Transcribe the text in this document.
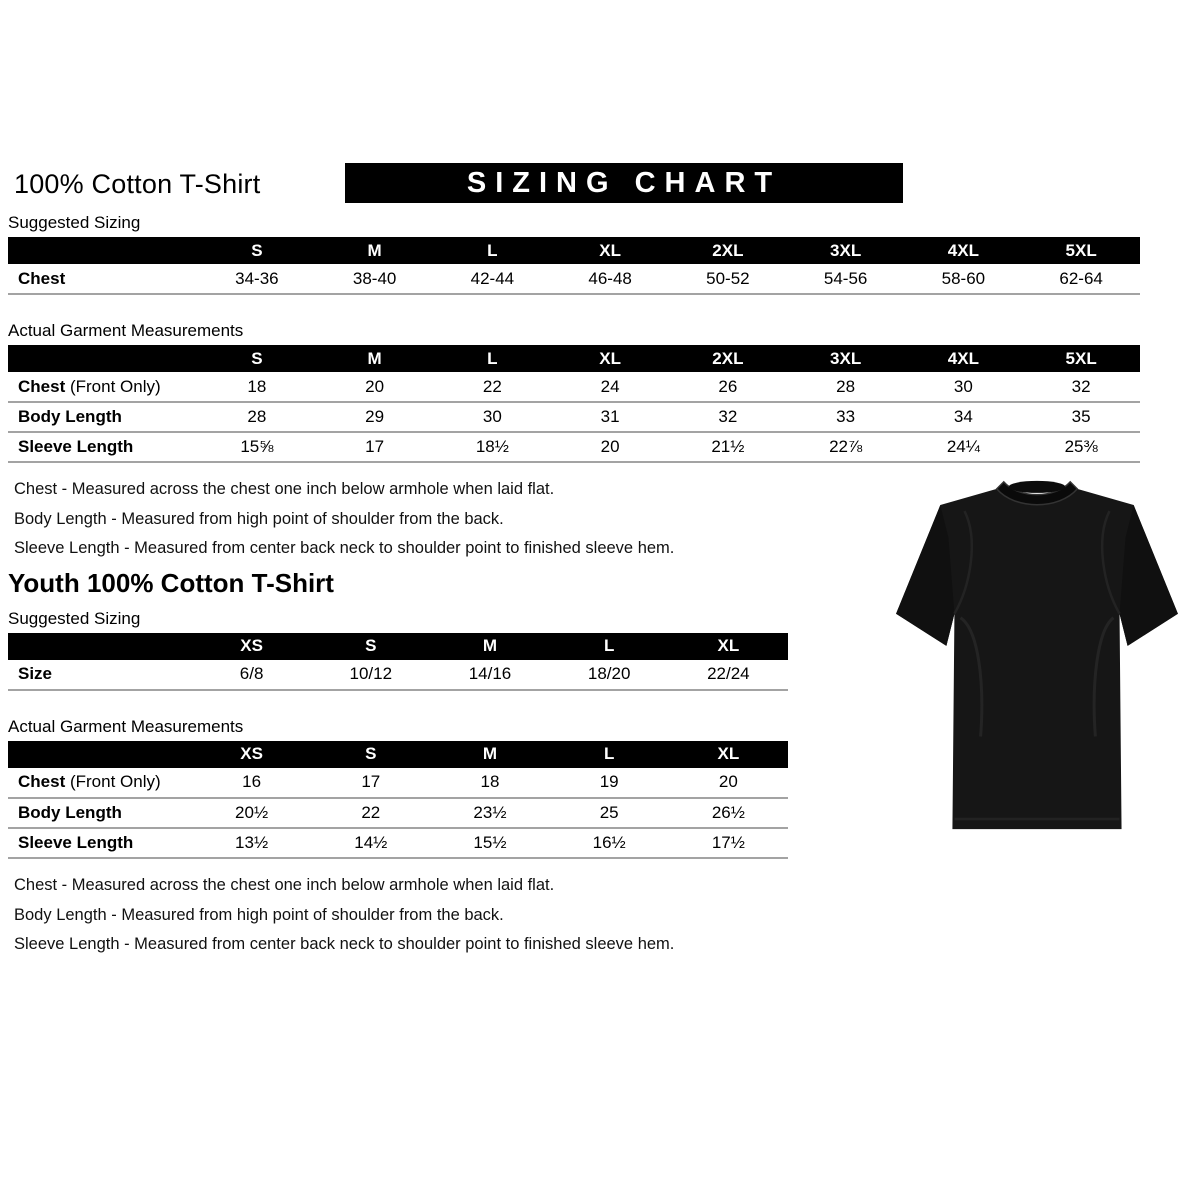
100% Cotton T-Shirt	SIZING CHART
Suggested Sizing
	S	M	L	XL	2XL	3XL	4XL	5XL
Chest	34-36	38-40	42-44	46-48	50-52	54-56	58-60	62-64
Actual Garment Measurements
	S	M	L	XL	2XL	3XL	4XL	5XL
Chest (Front Only)	18	20	22	24	26	28	30	32
Body Length	28	29	30	31	32	33	34	35
Sleeve Length	15⅝	17	18½	20	21½	22⅞	24¼	25⅜
Chest - Measured across the chest one inch below armhole when laid flat.
Body Length - Measured from high point of shoulder from the back.
Sleeve Length - Measured from center back neck to shoulder point to finished sleeve hem.
Youth 100% Cotton T-Shirt
Suggested Sizing
	XS	S	M	L	XL
Size	6/8	10/12	14/16	18/20	22/24
Actual Garment Measurements
	XS	S	M	L	XL
Chest (Front Only)	16	17	18	19	20
Body Length	20½	22	23½	25	26½
Sleeve Length	13½	14½	15½	16½	17½
Chest - Measured across the chest one inch below armhole when laid flat.
Body Length - Measured from high point of shoulder from the back.
Sleeve Length - Measured from center back neck to shoulder point to finished sleeve hem.
